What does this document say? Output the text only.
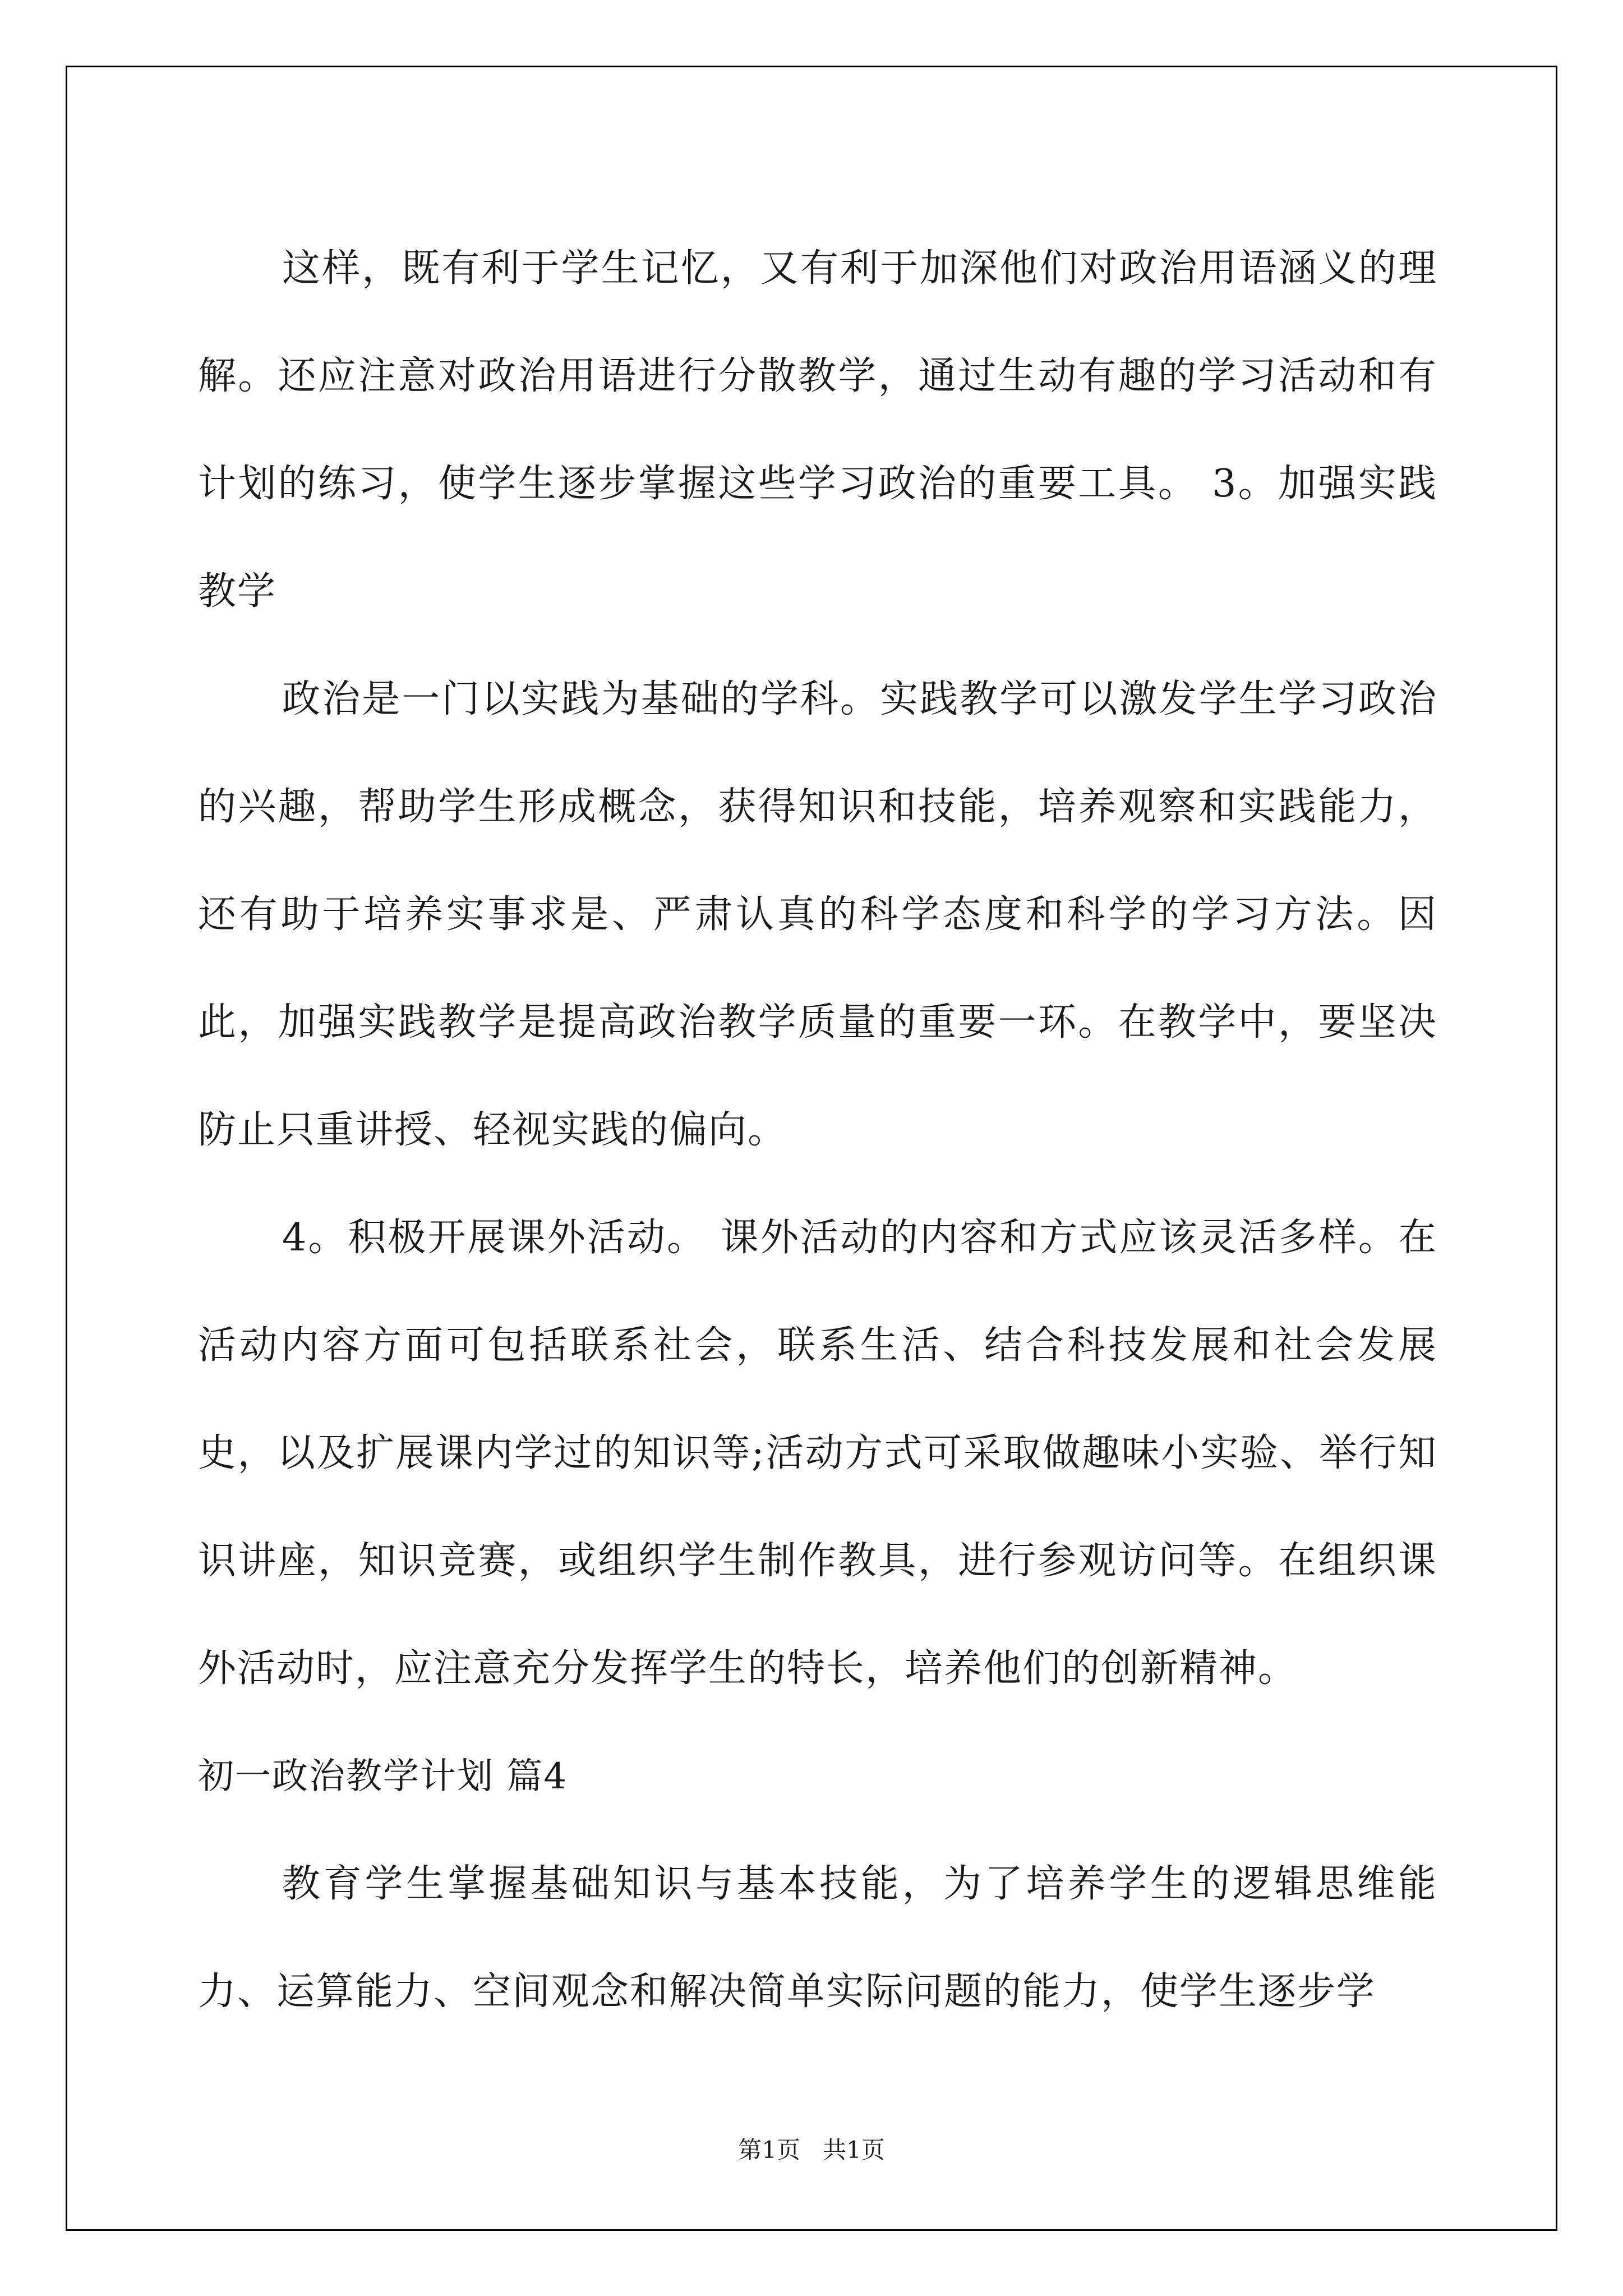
这样，既有利于学生记忆，又有利于加深他们对政治用语涵义的理解。还应注意对政治用语进行分散教学，通过生动有趣的学习活动和有计划的练习，使学生逐步掌握这些学习政治的重要工具。 3。加强实践教学

政治是一门以实践为基础的学科。实践教学可以激发学生学习政治的兴趣，帮助学生形成概念，获得知识和技能，培养观察和实践能力，还有助于培养实事求是、严肃认真的科学态度和科学的学习方法。因此，加强实践教学是提高政治教学质量的重要一环。在教学中，要坚决防止只重讲授、轻视实践的偏向。

4。积极开展课外活动。 课外活动的内容和方式应该灵活多样。在活动内容方面可包括联系社会，联系生活、结合科技发展和社会发展史，以及扩展课内学过的知识等;活动方式可采取做趣味小实验、举行知识讲座，知识竞赛，或组织学生制作教具，进行参观访问等。在组织课外活动时，应注意充分发挥学生的特长，培养他们的创新精神。

初一政治教学计划 篇4

教育学生掌握基础知识与基本技能，为了培养学生的逻辑思维能力、运算能力、空间观念和解决简单实际问题的能力，使学生逐步学

第1页   共1页
